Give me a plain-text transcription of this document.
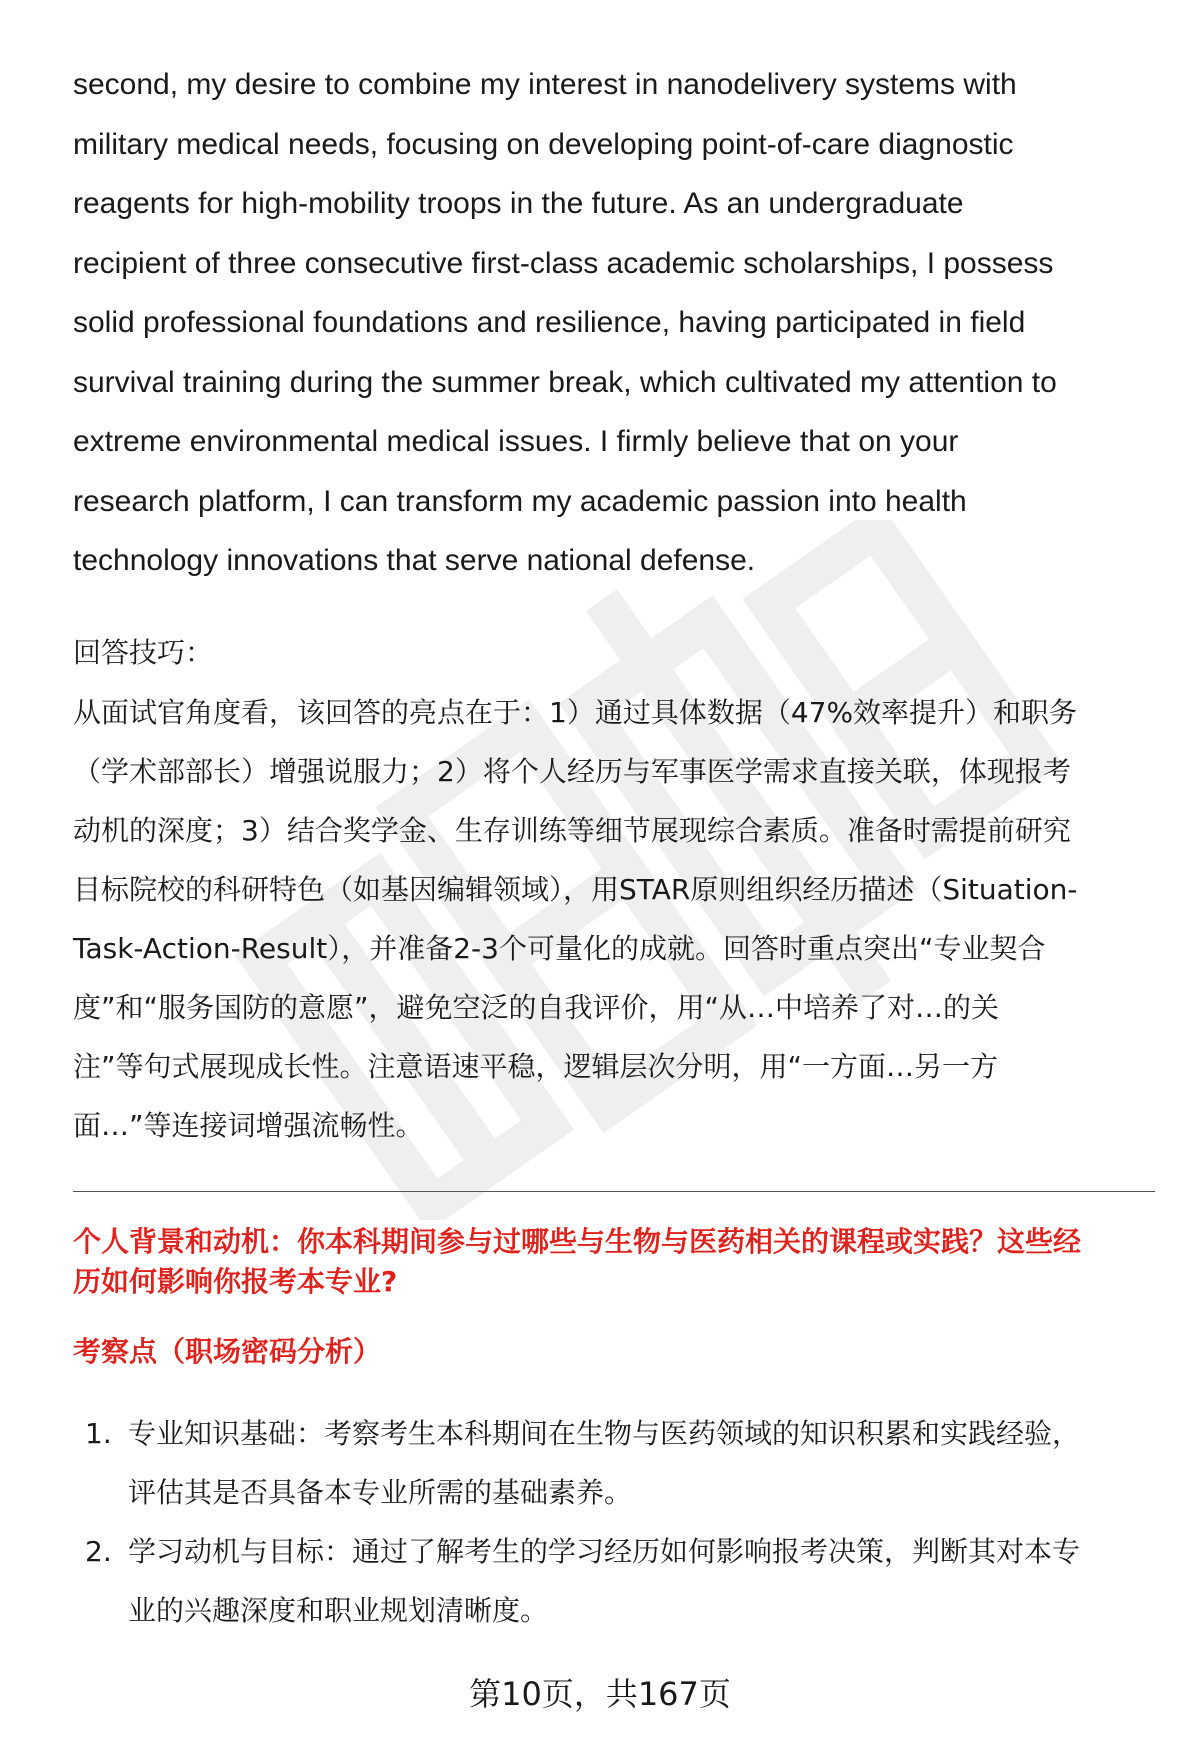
second, my desire to combine my interest in nanodelivery systems with
military medical needs, focusing on developing point-of-care diagnostic
reagents for high-mobility troops in the future. As an undergraduate
recipient of three consecutive first-class academic scholarships, I possess
solid professional foundations and resilience, having participated in field
survival training during the summer break, which cultivated my attention to
extreme environmental medical issues. I firmly believe that on your
research platform, I can transform my academic passion into health
technology innovations that serve national defense.

回答技巧：
从面试官角度看，该回答的亮点在于：1）通过具体数据（47%效率提升）和职务
（学术部部长）增强说服力；2）将个人经历与军事医学需求直接关联，体现报考
动机的深度；3）结合奖学金、生存训练等细节展现综合素质。准备时需提前研究
目标院校的科研特色（如基因编辑领域），用STAR原则组织经历描述（Situation-
Task-Action-Result），并准备2-3个可量化的成就。回答时重点突出“专业契合
度”和“服务国防的意愿”，避免空泛的自我评价，用“从…中培养了对…的关
注”等句式展现成长性。注意语速平稳，逻辑层次分明，用“一方面…另一方
面…”等连接词增强流畅性。
个人背景和动机：你本科期间参与过哪些与生物与医药相关的课程或实践？这些经
历如何影响你报考本专业?
考察点（职场密码分析）
1. 专业知识基础：考察考生本科期间在生物与医药领域的知识积累和实践经验，
评估其是否具备本专业所需的基础素养。
2. 学习动机与目标：通过了解考生的学习经历如何影响报考决策，判断其对本专
业的兴趣深度和职业规划清晰度。
第10页，共167页
